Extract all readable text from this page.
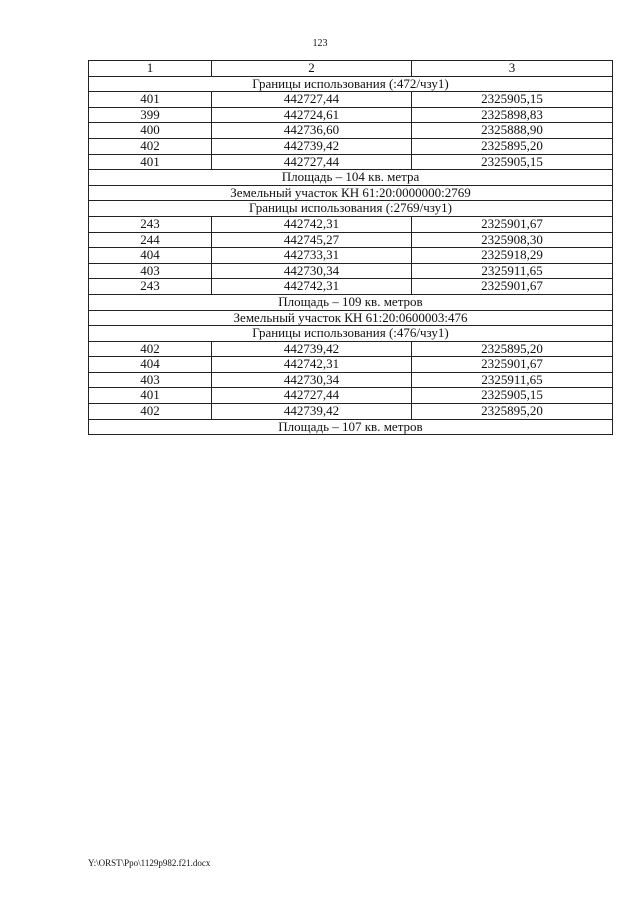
123
1	2	3
Границы использования (:472/чзу1)		
401	442727,44	2325905,15
399	442724,61	2325898,83
400	442736,60	2325888,90
402	442739,42	2325895,20
401	442727,44	2325905,15
Площадь – 104 кв. метра		
Земельный участок КН 61:20:0000000:2769		
Границы использования (:2769/чзу1)		
243	442742,31	2325901,67
244	442745,27	2325908,30
404	442733,31	2325918,29
403	442730,34	2325911,65
243	442742,31	2325901,67
Площадь – 109 кв. метров		
Земельный участок КН 61:20:0600003:476		
Границы использования (:476/чзу1)		
402	442739,42	2325895,20
404	442742,31	2325901,67
403	442730,34	2325911,65
401	442727,44	2325905,15
402	442739,42	2325895,20
Площадь – 107 кв. метров		
Y:\ORST\Ppo\1129p982.f21.docx
